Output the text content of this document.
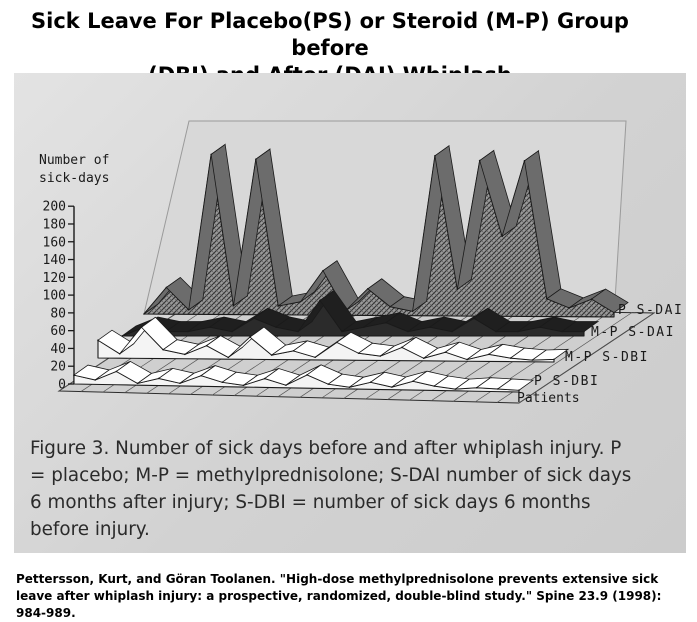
Sick Leave For Placebo(PS) or Steroid (M-P) Group before
0
20
40
60
80
100
120
140
160
180
200
Number of
sick-days
Patients
P S-DBI
M-P S-DBI
M-P S-DAI
P S-DAI
Figure 3. Number of sick days before and after whiplash injury. P
= placebo; M-P = methylprednisolone; S-DAI number of sick days
6 months after injury; S-DBI = number of sick days 6 months
before injury.
Pettersson, Kurt, and Göran Toolanen. "High-dose methylprednisolone prevents extensive sick leave after whiplash injury: a prospective, randomized, double-blind study." Spine 23.9 (1998): 984-989.
